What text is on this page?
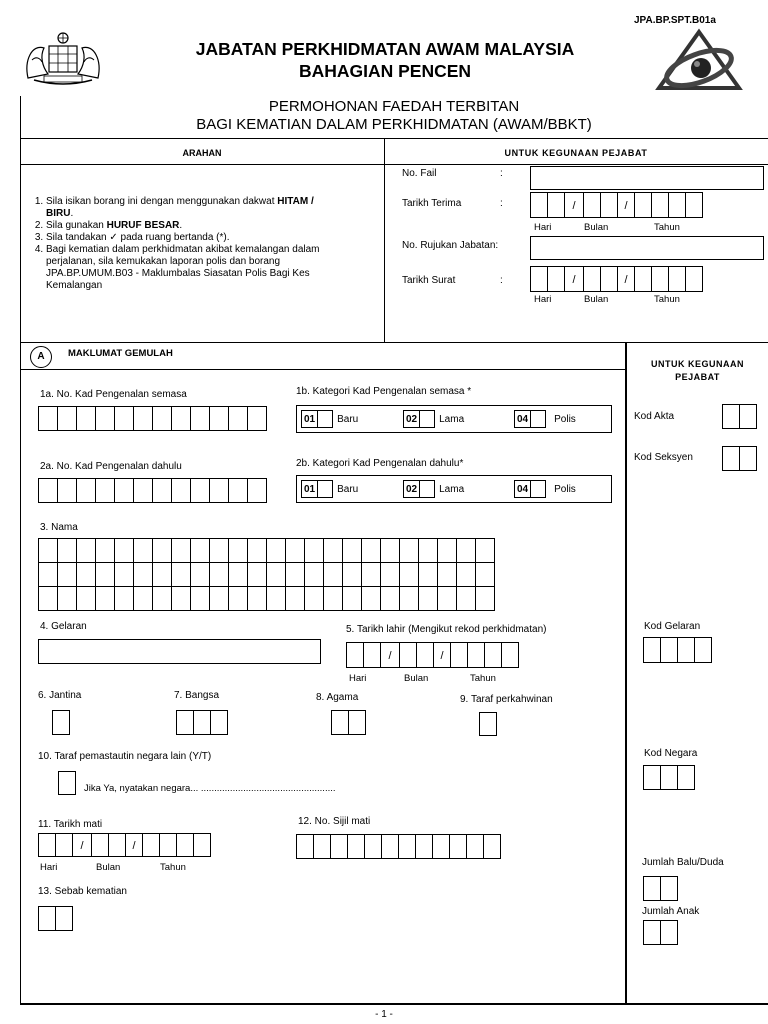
JPA.BP.SPT.B01a
JABATAN PERKHIDMATAN AWAM MALAYSIA
BAHAGIAN PENCEN
PERMOHONAN FAEDAH TERBITAN
BAGI KEMATIAN DALAM PERKHIDMATAN (AWAM/BBKT)
ARAHAN	UNTUK KEGUNAAN PEJABAT
1. Sila isikan borang ini dengan menggunakan dakwat HITAM /
BIRU.
2. Sila gunakan HURUF BESAR.
3. Sila tandakan ✓ pada ruang bertanda (*).
4. Bagi kematian dalam perkhidmatan akibat kemalangan dalam
perjalanan, sila kemukakan laporan polis dan borang
JPA.BP.UMUM.B03 - Maklumbalas Siasatan Polis Bagi Kes
Kemalangan
No. Fail	:
Tarikh Terima	:	/	/
Hari	Bulan	Tahun
No. Rujukan Jabatan:
Tarikh Surat	:	/	/
Hari	Bulan	Tahun
A	MAKLUMAT GEMULAH
UNTUK KEGUNAAN
PEJABAT
Kod Akta
Kod Seksyen
Kod Gelaran
Kod Negara
Jumlah Balu/Duda
Jumlah Anak
1a. No. Kad Pengenalan semasa	1b. Kategori Kad Pengenalan semasa *
01 Baru	02 Lama	04	Polis
2a. No. Kad Pengenalan dahulu	2b. Kategori Kad Pengenalan dahulu*
01 Baru	02 Lama	04	Polis
3. Nama
4. Gelaran	5. Tarikh lahir (Mengikut rekod perkhidmatan)
/	/
Hari	Bulan	Tahun
6. Jantina	7. Bangsa	8. Agama	9. Taraf perkahwinan
10. Taraf pemastautin negara lain (Y/T)
Jika Ya, nyatakan negara... ...................................................
11. Tarikh mati
/	/
Hari	Bulan	Tahun
12. No. Sijil mati
13. Sebab kematian
- 1 -
